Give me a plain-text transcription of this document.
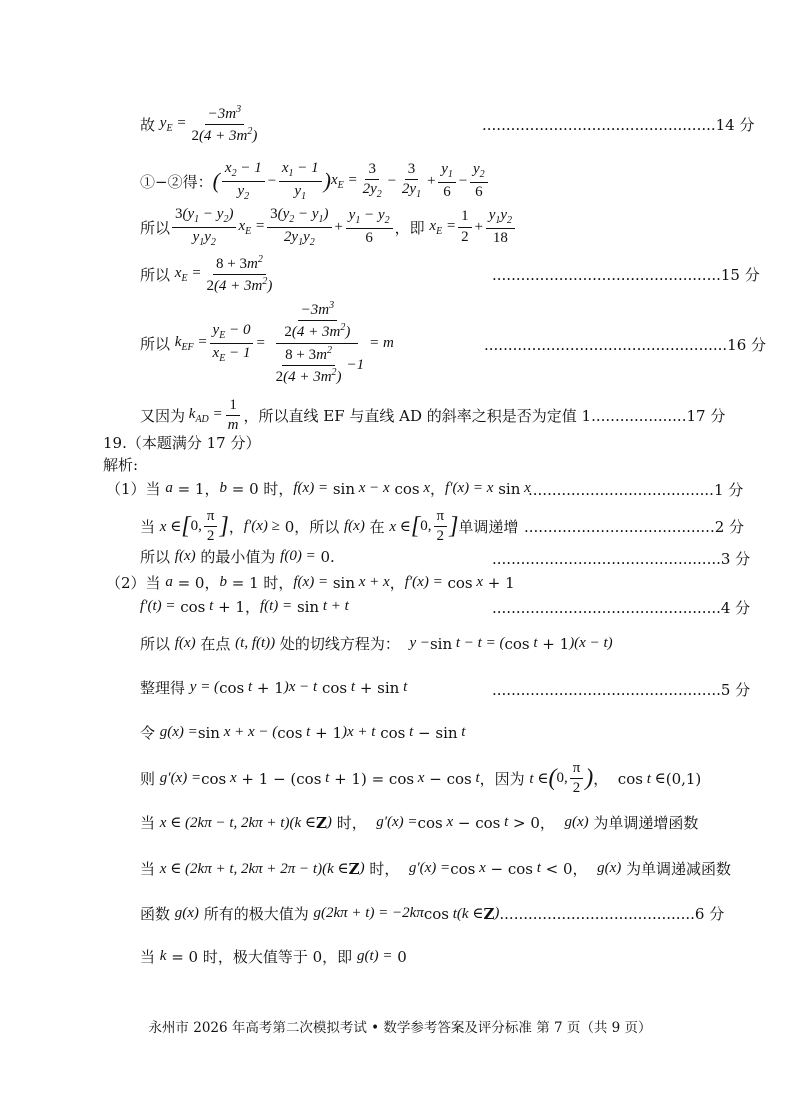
故 $y_E = \frac{-3m^3}{2(4 + 3m^2)}$	.................................................14 分
①−②得： ( $\frac{x_2 - 1}{y_2} - \frac{x_1 - 1}{y_1}$ ) $x_E = \frac{3}{2y_2} - \frac{3}{2y_1} + \frac{y_1}{6} - \frac{y_2}{6}$
所以 $\frac{3(y_1 - y_2)}{y_1y_2} x_E = \frac{3(y_2 - y_1)}{2y_1y_2} + \frac{y_1 - y_2}{6}$ ，即 $x_E = \frac{1}{2} + \frac{y_1y_2}{18}$
所以 $x_E = \frac{8 + 3m^2}{2(4 + 3m^2)}$	................................................15 分
所以 $k_{EF} = \frac{y_E - 0}{x_E - 1} = \frac{\frac{-3m^3}{2(4 + 3m^2)}}{\frac{8 + 3m^2}{2(4 + 3m^2)} -1} = m$	...................................................16 分
又因为 $k_{AD} = \frac{1}{m}$ ，所以直线 EF 与直线 AD 的斜率之积是否为定值 1. ................... 17 分
19.（本题满分 17 分）
解析:
（1）当 a = 1， b = 0 时， f(x) = sin x − x cos x ， f′(x) = x sin x
.......................................1 分
当 x ∈ [ 0, $\frac{\pi}{2}$ ] ， f′(x) ≥ 0，所以 f(x) 在 x ∈ [ 0, $\frac{\pi}{2}$ ] 单调递增 ........................................2 分
所以 f(x) 的最小值为 f(0) = 0.	................................................3 分
（2）当 a = 0， b = 1 时， f(x) = sin x + x ， f′(x) = cos x + 1
f′(t) = cos t + 1， f(t) = sin t + t	................................................4 分
所以 f(x) 在点 (t, f(t)) 处的切线方程为： y − sin t − t = ( cos t + 1 )(x − t)
整理得 y = ( cos t + 1 )x − t cos t + sin t	................................................5 分
令 g(x) = sin x + x − ( cos t + 1 )x + t cos t − sin t
则 g′(x) = cos x + 1 − (cos t + 1) = cos x − cos t ，因为 t ∈ ( 0, $\frac{\pi}{2}$ ) ，  cos t ∈ (0,1)
当 x ∈ (2kπ − t, 2kπ + t)(k ∈ Z ) 时， g′(x) = cos x − cos t > 0， g(x) 为单调递增函数
当 x ∈ (2kπ + t, 2kπ + 2π − t)(k ∈ Z ) 时， g′(x) = cos x − cos t < 0， g(x) 为单调递减函数
函数 g(x) 所有的极大值为 g(2kπ + t) = −2kπ cos t(k ∈ Z ) ......................................... 6 分
当 k = 0 时，极大值等于 0，即 g(t) = 0
永州市 2026 年高考第二次模拟考试 • 数学参考答案及评分标准 第 7 页（共 9 页）
